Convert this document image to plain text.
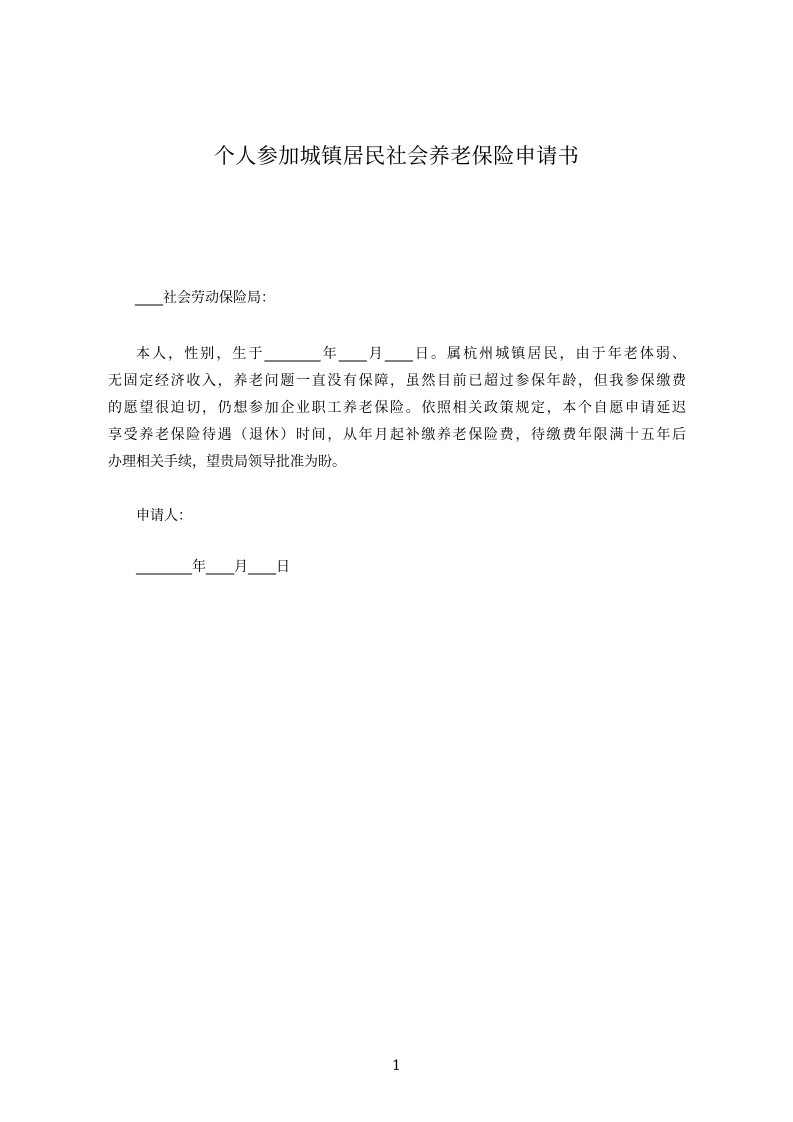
个人参加城镇居民社会养老保险申请书
____社会劳动保险局：
本人，性别，生于________年____月____日。属杭州城镇居民，由于年老体弱、
无固定经济收入，养老问题一直没有保障，虽然目前已超过参保年龄，但我参保缴费
的愿望很迫切，仍想参加企业职工养老保险。依照相关政策规定，本个自愿申请延迟
享受养老保险待遇（退休）时间，从年月起补缴养老保险费，待缴费年限满十五年后
办理相关手续，望贵局领导批准为盼。
申请人：
________年____月____日
1
